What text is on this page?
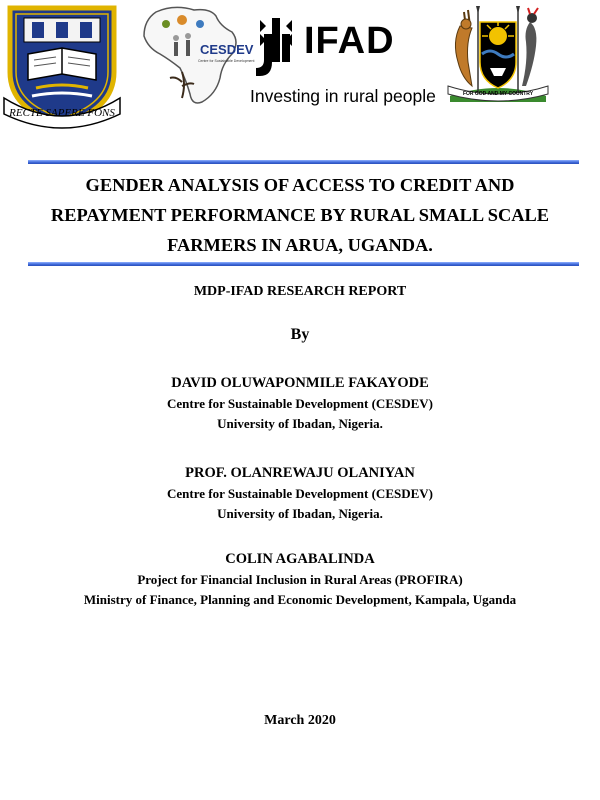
RECTE SAPERE FONS
CESDEV
Centre for Sustainable Development IFAD
Investing in rural people	FOR GOD AND MY COUNTRY
GENDER ANALYSIS OF ACCESS TO CREDIT AND
REPAYMENT PERFORMANCE BY RURAL SMALL SCALE
FARMERS IN ARUA, UGANDA.
MDP-IFAD RESEARCH REPORT
By
DAVID OLUWAPONMILE FAKAYODE
Centre for Sustainable Development (CESDEV)
University of Ibadan, Nigeria.
PROF. OLANREWAJU OLANIYAN
Centre for Sustainable Development (CESDEV)
University of Ibadan, Nigeria.
COLIN AGABALINDA
Project for Financial Inclusion in Rural Areas (PROFIRA)
Ministry of Finance, Planning and Economic Development, Kampala, Uganda
March 2020
